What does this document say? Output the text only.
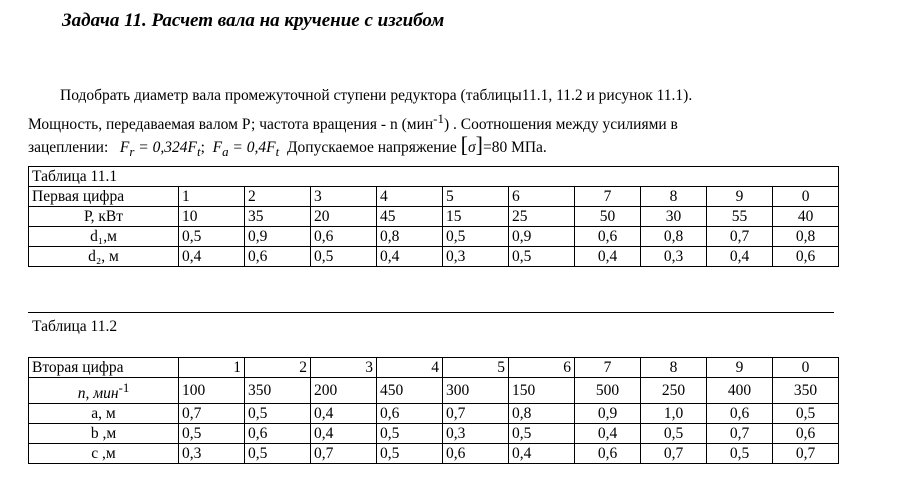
Задача 11. Расчет вала на кручение с изгибом
Подобрать диаметр вала промежуточной ступени редуктора (таблицы11.1, 11.2 и рисунок 11.1).
Мощность, передаваемая валом Р; частота вращения - n (мин$^{-1}$) . Соотношения между усилиями в
зацеплении: $F_r = 0,324F_t$;  $F_a = 0,4F_t$ Допускаемое напряжение [σ]=80 МПа.
Таблица 11.1										
Первая цифра	1	2	3	4	5	6	7	8	9	0
Р, кВт	10	35	20	45	15	25	50	30	55	40
d₁,м	0,5	0,9	0,6	0,8	0,5	0,9	0,6	0,8	0,7	0,8
d₂, м	0,4	0,6	0,5	0,4	0,3	0,5	0,4	0,3	0,4	0,6
Таблица 11.2
Вторая цифра	1	2	3	4	5	6	7	8	9	0
n, мин$^{-1}$	100	350	200	450	300	150	500	250	400	350
а, м	0,7	0,5	0,4	0,6	0,7	0,8	0,9	1,0	0,6	0,5
b ,м	0,5	0,6	0,4	0,5	0,3	0,5	0,4	0,5	0,7	0,6
c ,м	0,3	0,5	0,7	0,5	0,6	0,4	0,6	0,7	0,5	0,7
